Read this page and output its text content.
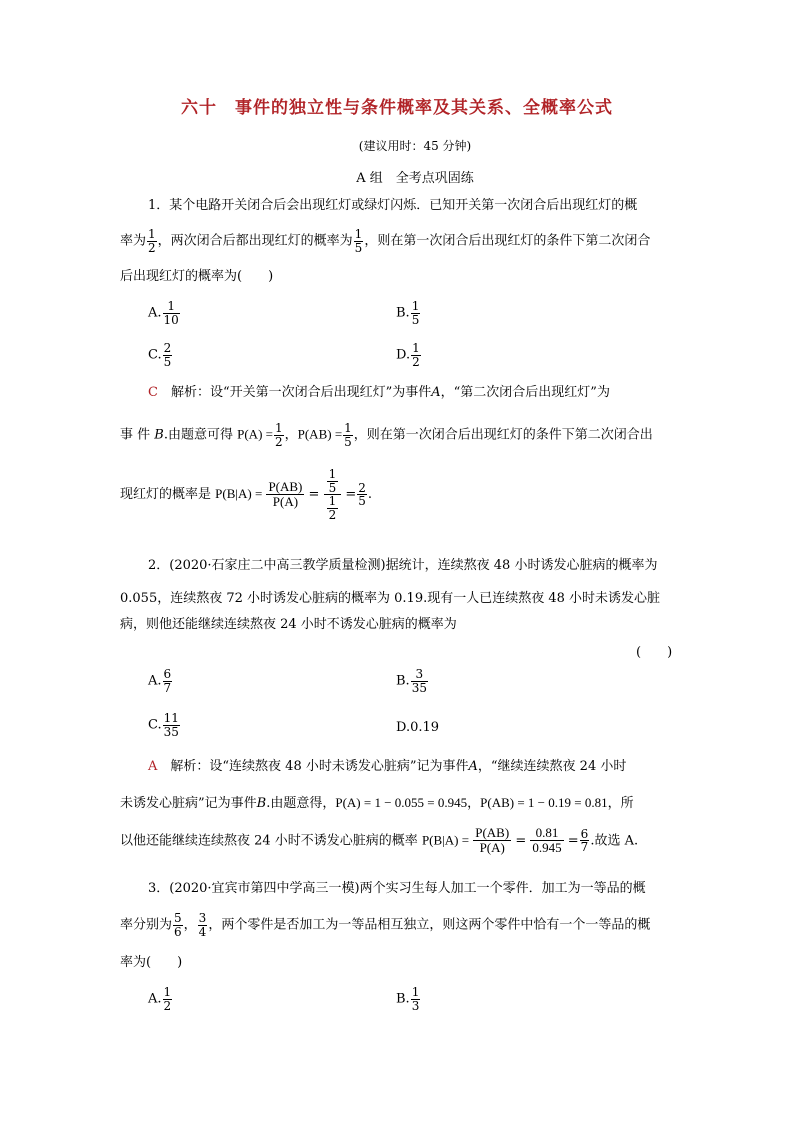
六十　事件的独立性与条件概率及其关系、全概率公式
(建议用时：45 分钟)
A 组　全考点巩固练
1．某个电路开关闭合后会出现红灯或绿灯闪烁．已知开关第一次闭合后出现红灯的概
率为 $\frac{1}{2}$ ，两次闭合后都出现红灯的概率为 $\frac{1}{5}$ ，则在第一次闭合后出现红灯的条件下第二次闭合
后出现红灯的概率为(　　)
A. $\frac{1}{10}$	B. $\frac{1}{5}$
C. $\frac{2}{5}$	D. $\frac{1}{2}$
C　 解析：设“开关第一次闭合后出现红灯”为事件A，“第二次闭合后出现红灯”为
事 件 B.由题意可得 $P(A) = \frac{1}{2}$ ，$P(AB) = \frac{1}{5}$ ，则在第一次闭合后出现红灯的条件下第二次闭合出
现红灯的概率是 $P(B|A) = \frac{P(AB)}{P(A)} = \frac{\frac{1}{5}}{\frac{1}{2}} = \frac{2}{5}$ .
2．(2020·石家庄二中高三教学质量检测)据统计，连续熬夜 48 小时诱发心脏病的概率为
0.055，连续熬夜 72 小时诱发心脏病的概率为 0.19.现有一人已连续熬夜 48 小时未诱发心脏
病，则他还能继续连续熬夜 24 小时不诱发心脏病的概率为
(　　)
A. $\frac{6}{7}$	B. $\frac{3}{35}$
C. $\frac{11}{35}$	D.0.19
A　 解析：设“连续熬夜 48 小时未诱发心脏病”记为事件A，“继续连续熬夜 24 小时
未诱发心脏病”记为事件B.由题意得，P(A) = 1 − 0.055 = 0.945，P(AB) = 1 − 0.19 = 0.81，所
以他还能继续连续熬夜 24 小时不诱发心脏病的概率 $P(B|A) = \frac{P(AB)}{P(A)} = \frac{0.81}{0.945} = \frac{6}{7}$ .故选 A.
3．(2020·宜宾市第四中学高三一模)两个实习生每人加工一个零件．加工为一等品的概
率分别为 $\frac{5}{6}$ ， $\frac{3}{4}$ ，两个零件是否加工为一等品相互独立，则这两个零件中恰有一个一等品的概
率为(　　)
A. $\frac{1}{2}$	B. $\frac{1}{3}$
